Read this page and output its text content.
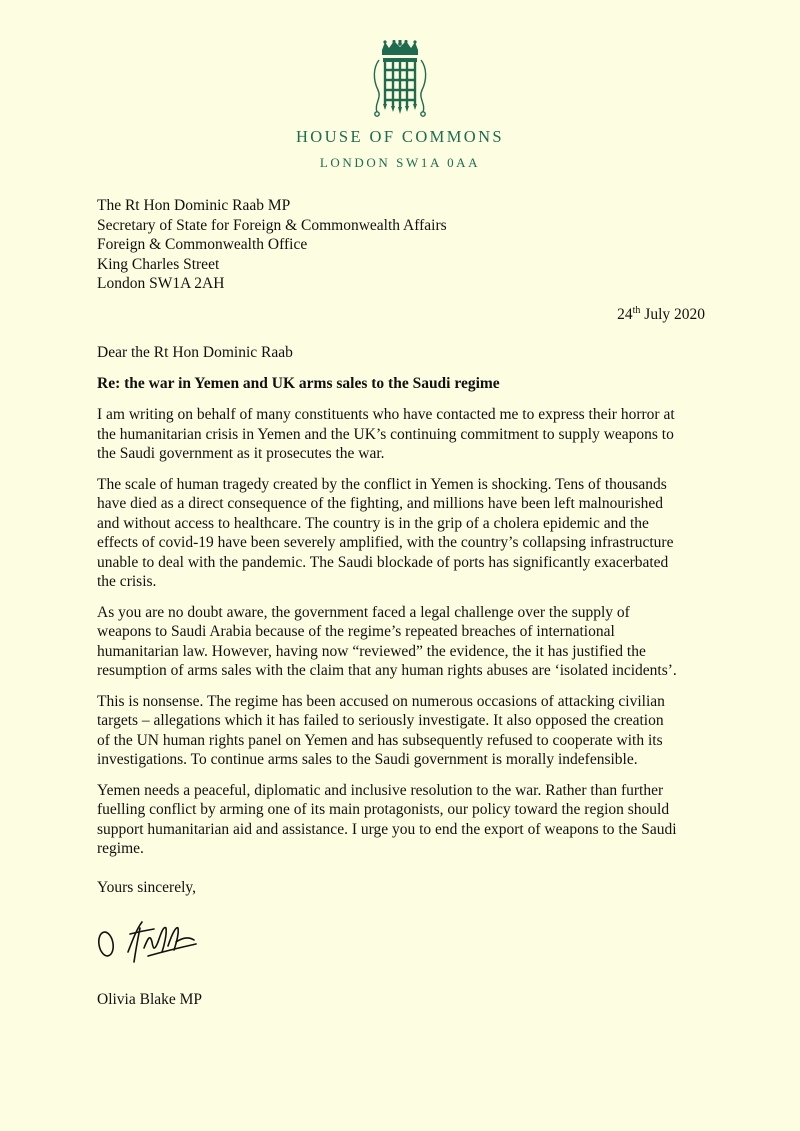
HOUSE OF COMMONS
LONDON SW1A 0AA
The Rt Hon Dominic Raab MP
Secretary of State for Foreign & Commonwealth Affairs
Foreign & Commonwealth Office
King Charles Street
London SW1A 2AH
24th July 2020
Dear the Rt Hon Dominic Raab
Re: the war in Yemen and UK arms sales to the Saudi regime

I am writing on behalf of many constituents who have contacted me to express their horror at
the humanitarian crisis in Yemen and the UK’s continuing commitment to supply weapons to
the Saudi government as it prosecutes the war.

The scale of human tragedy created by the conflict in Yemen is shocking. Tens of thousands
have died as a direct consequence of the fighting, and millions have been left malnourished
and without access to healthcare. The country is in the grip of a cholera epidemic and the
effects of covid-19 have been severely amplified, with the country’s collapsing infrastructure
unable to deal with the pandemic. The Saudi blockade of ports has significantly exacerbated
the crisis.

As you are no doubt aware, the government faced a legal challenge over the supply of
weapons to Saudi Arabia because of the regime’s repeated breaches of international
humanitarian law. However, having now “reviewed” the evidence, the it has justified the
resumption of arms sales with the claim that any human rights abuses are ‘isolated incidents’.

This is nonsense. The regime has been accused on numerous occasions of attacking civilian
targets – allegations which it has failed to seriously investigate. It also opposed the creation
of the UN human rights panel on Yemen and has subsequently refused to cooperate with its
investigations. To continue arms sales to the Saudi government is morally indefensible.

Yemen needs a peaceful, diplomatic and inclusive resolution to the war. Rather than further
fuelling conflict by arming one of its main protagonists, our policy toward the region should
support humanitarian aid and assistance. I urge you to end the export of weapons to the Saudi
regime.

Yours sincerely,
Olivia Blake MP
